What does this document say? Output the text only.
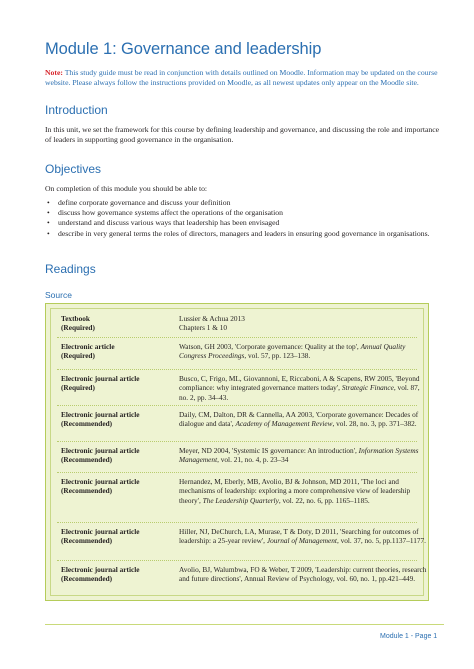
Module 1: Governance and leadership

Note: This study guide must be read in conjunction with details outlined on Moodle. Information may be updated on the course website. Please always follow the instructions provided on Moodle, as all newest updates only appear on the Moodle site.

Introduction

In this unit, we set the framework for this course by defining leadership and governance, and discussing the role and importance of leaders in supporting good governance in the organisation.

Objectives

On completion of this module you should be able to:

• define corporate governance and discuss your definition
• discuss how governance systems affect the operations of the organisation
• understand and discuss various ways that leadership has been envisaged
• describe in very general terms the roles of directors, managers and leaders in ensuring good governance in organisations.
Readings
Source
Textbook
(Required)
Lussier & Achua 2013
Chapters 1 & 10
Electronic article
(Required)
Watson, GH 2003, 'Corporate governance: Quality at the top', Annual Quality Congress Proceedings, vol. 57, pp. 123–138.
Electronic journal article
(Required)
Busco, C, Frigo, ML, Giovannoni, E, Riccaboni, A & Scapens, RW 2005, 'Beyond compliance: why integrated governance matters today', Strategic Finance, vol. 87, no. 2, pp. 34–43.
Electronic journal article
(Recommended)
Daily, CM, Dalton, DR & Cannella, AA 2003, 'Corporate governance: Decades of dialogue and data', Academy of Management Review, vol. 28, no. 3, pp. 371–382.
Electronic journal article
(Recommended)
Meyer, ND 2004, 'Systemic IS governance: An introduction', Information Systems Management, vol. 21, no. 4, p. 23–34
Electronic journal article
(Recommended)
Hernandez, M, Eberly, MB, Avolio, BJ & Johnson, MD 2011, 'The loci and mechanisms of leadership: exploring a more comprehensive view of leadership theory', The Leadership Quarterly, vol. 22, no. 6, pp. 1165–1185.
Electronic journal article
(Recommended)
Hiller, NJ, DeChurch, LA, Murase, T & Doty, D 2011, 'Searching for outcomes of leadership: a 25-year review', Journal of Management, vol. 37, no. 5, pp.1137–1177.
Electronic journal article
(Recommended)
Avolio, BJ, Walumbwa, FO & Weber, T 2009, 'Leadership: current theories, research and future directions', Annual Review of Psychology, vol. 60, no. 1, pp.421–449.
Module 1 - Page 1
